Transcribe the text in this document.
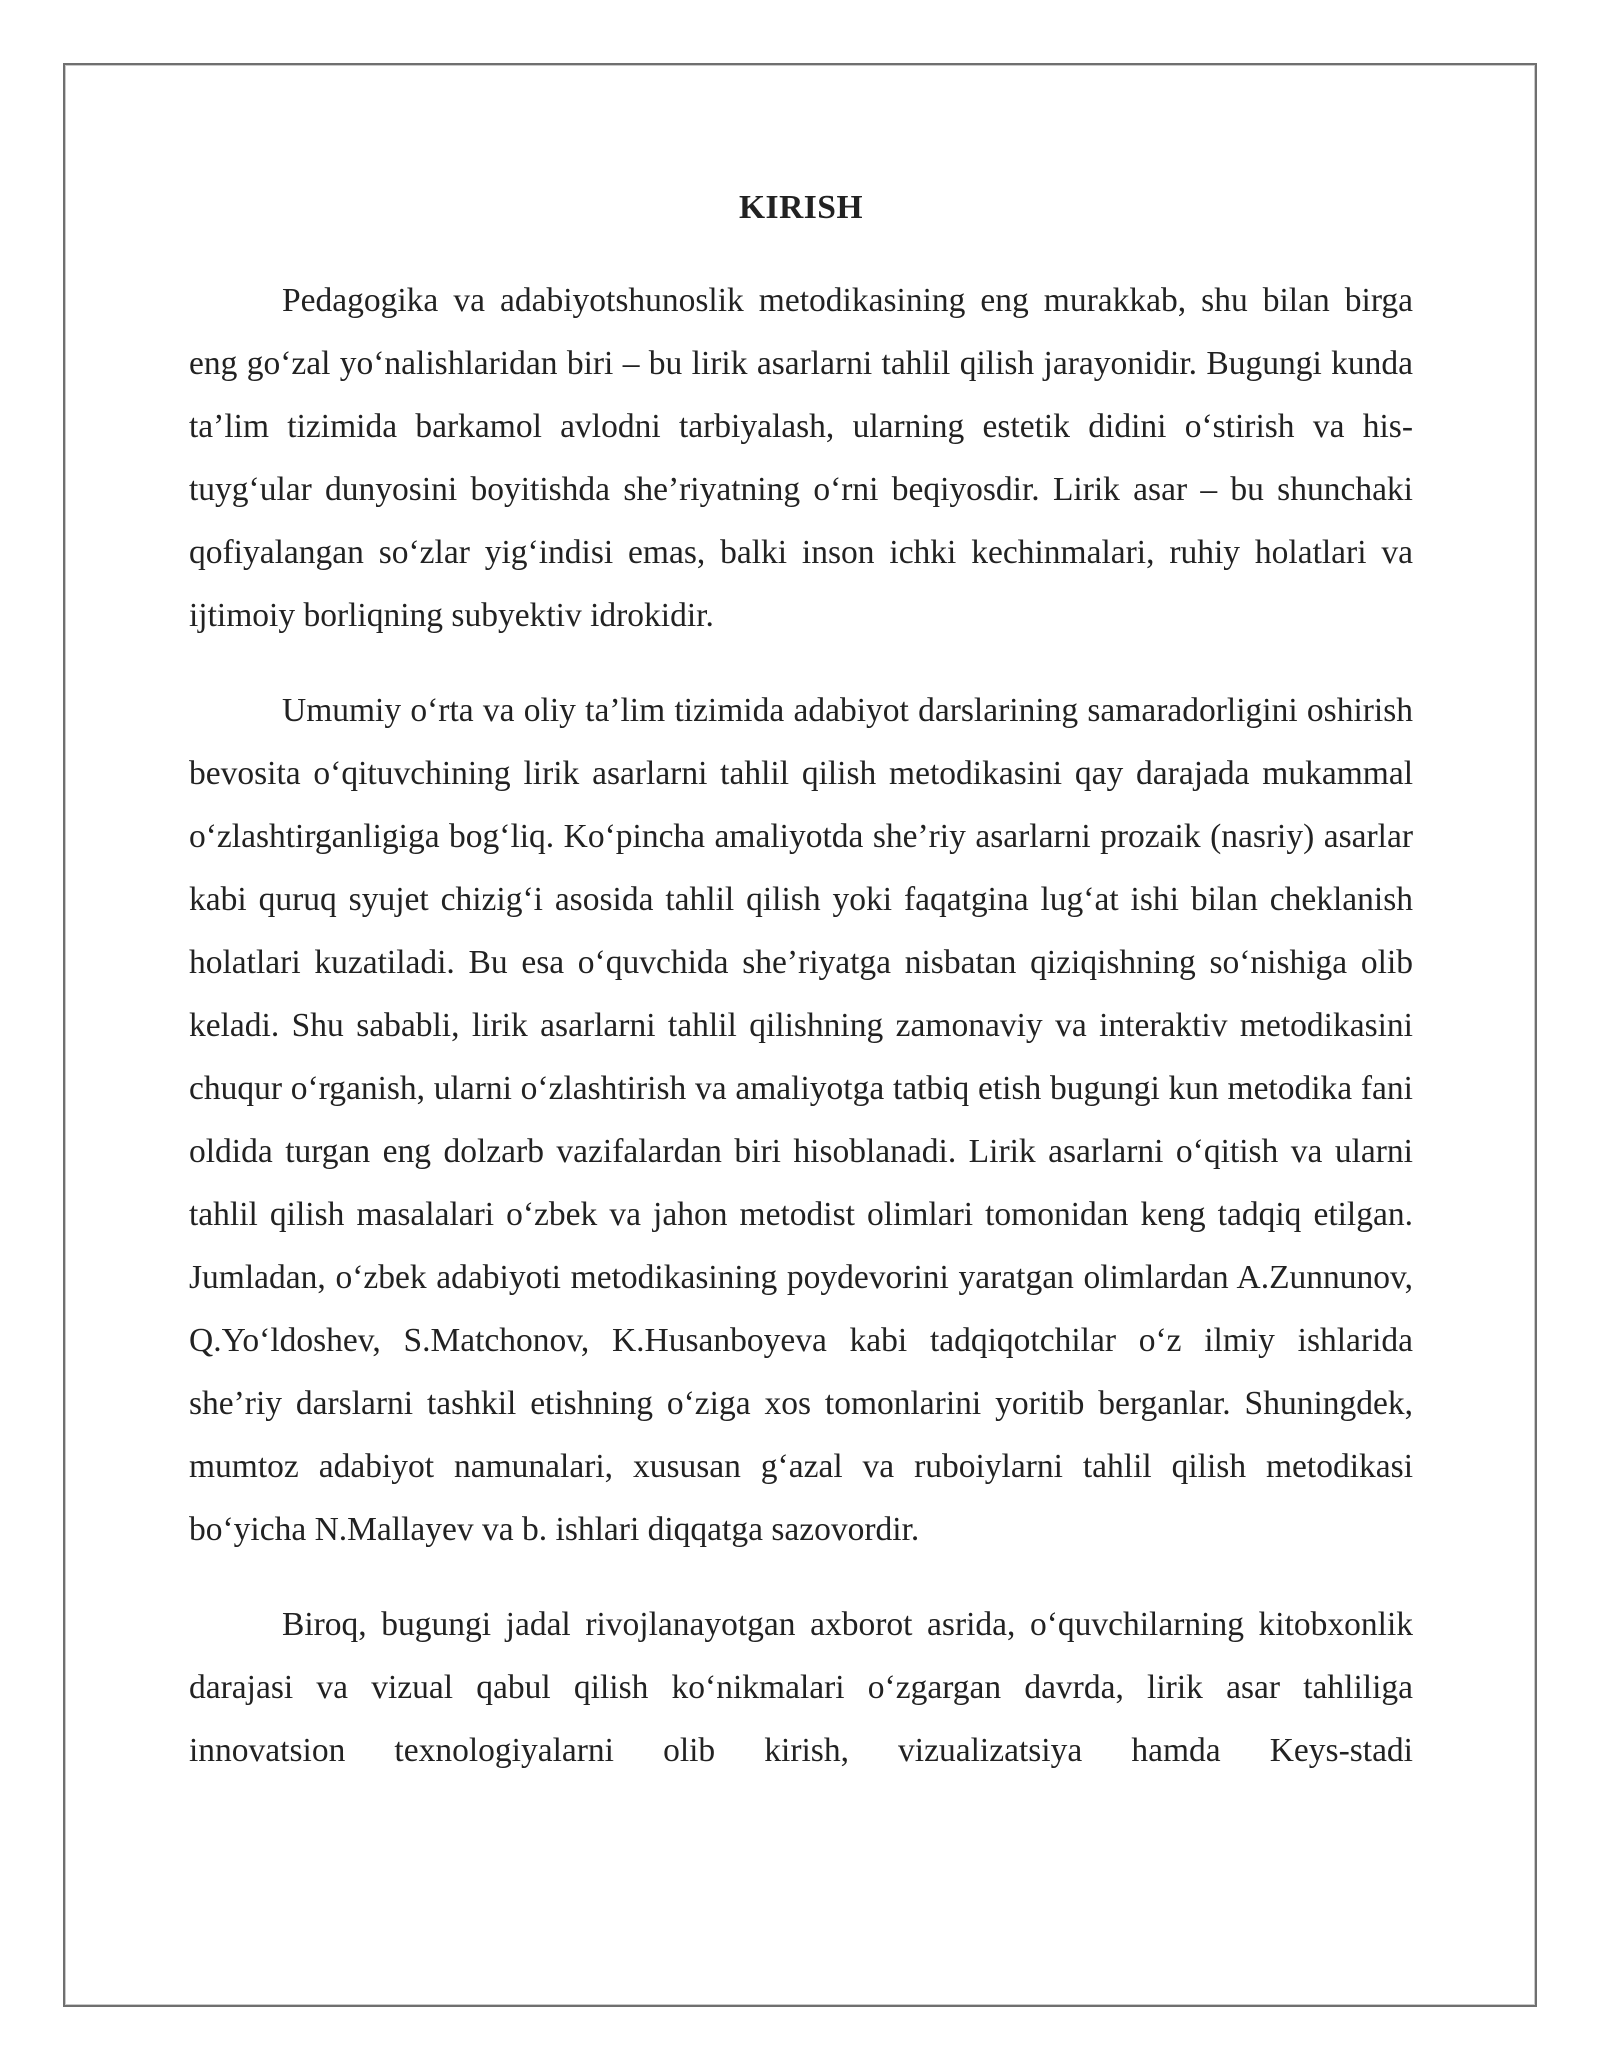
KIRISH

Pedagogika va adabiyotshunoslik metodikasining eng murakkab, shu bilan birga eng go‘zal yo‘nalishlaridan biri – bu lirik asarlarni tahlil qilish jarayonidir. Bugungi kunda ta’lim tizimida barkamol avlodni tarbiyalash, ularning estetik didini o‘stirish va his-tuyg‘ular dunyosini boyitishda she’riyatning o‘rni beqiyosdir. Lirik asar – bu shunchaki qofiyalangan so‘zlar yig‘indisi emas, balki inson ichki kechinmalari, ruhiy holatlari va ijtimoiy borliqning subyektiv idrokidir.

Umumiy o‘rta va oliy ta’lim tizimida adabiyot darslarining samaradorligini oshirish bevosita o‘qituvchining lirik asarlarni tahlil qilish metodikasini qay darajada mukammal o‘zlashtirganligiga bog‘liq. Ko‘pincha amaliyotda she’riy asarlarni prozaik (nasriy) asarlar kabi quruq syujet chizig‘i asosida tahlil qilish yoki faqatgina lug‘at ishi bilan cheklanish holatlari kuzatiladi. Bu esa o‘quvchida she’riyatga nisbatan qiziqishning so‘nishiga olib keladi. Shu sababli, lirik asarlarni tahlil qilishning zamonaviy va interaktiv metodikasini chuqur o‘rganish, ularni o‘zlashtirish va amaliyotga tatbiq etish bugungi kun metodika fani oldida turgan eng dolzarb vazifalardan biri hisoblanadi. Lirik asarlarni o‘qitish va ularni tahlil qilish masalalari o‘zbek va jahon metodist olimlari tomonidan keng tadqiq etilgan. Jumladan, o‘zbek adabiyoti metodikasining poydevorini yaratgan olimlardan A.Zunnunov, Q.Yo‘ldoshev, S.Matchonov, K.Husanboyeva kabi tadqiqotchilar o‘z ilmiy ishlarida she’riy darslarni tashkil etishning o‘ziga xos tomonlarini yoritib berganlar. Shuningdek, mumtoz adabiyot namunalari, xususan g‘azal va ruboiylarni tahlil qilish metodikasi bo‘yicha N.Mallayev va b. ishlari diqqatga sazovordir.

Biroq, bugungi jadal rivojlanayotgan axborot asrida, o‘quvchilarning kitobxonlik darajasi va vizual qabul qilish ko‘nikmalari o‘zgargan davrda, lirik asar tahliliga innovatsion texnologiyalarni olib kirish, vizualizatsiya hamda Keys-stadi
